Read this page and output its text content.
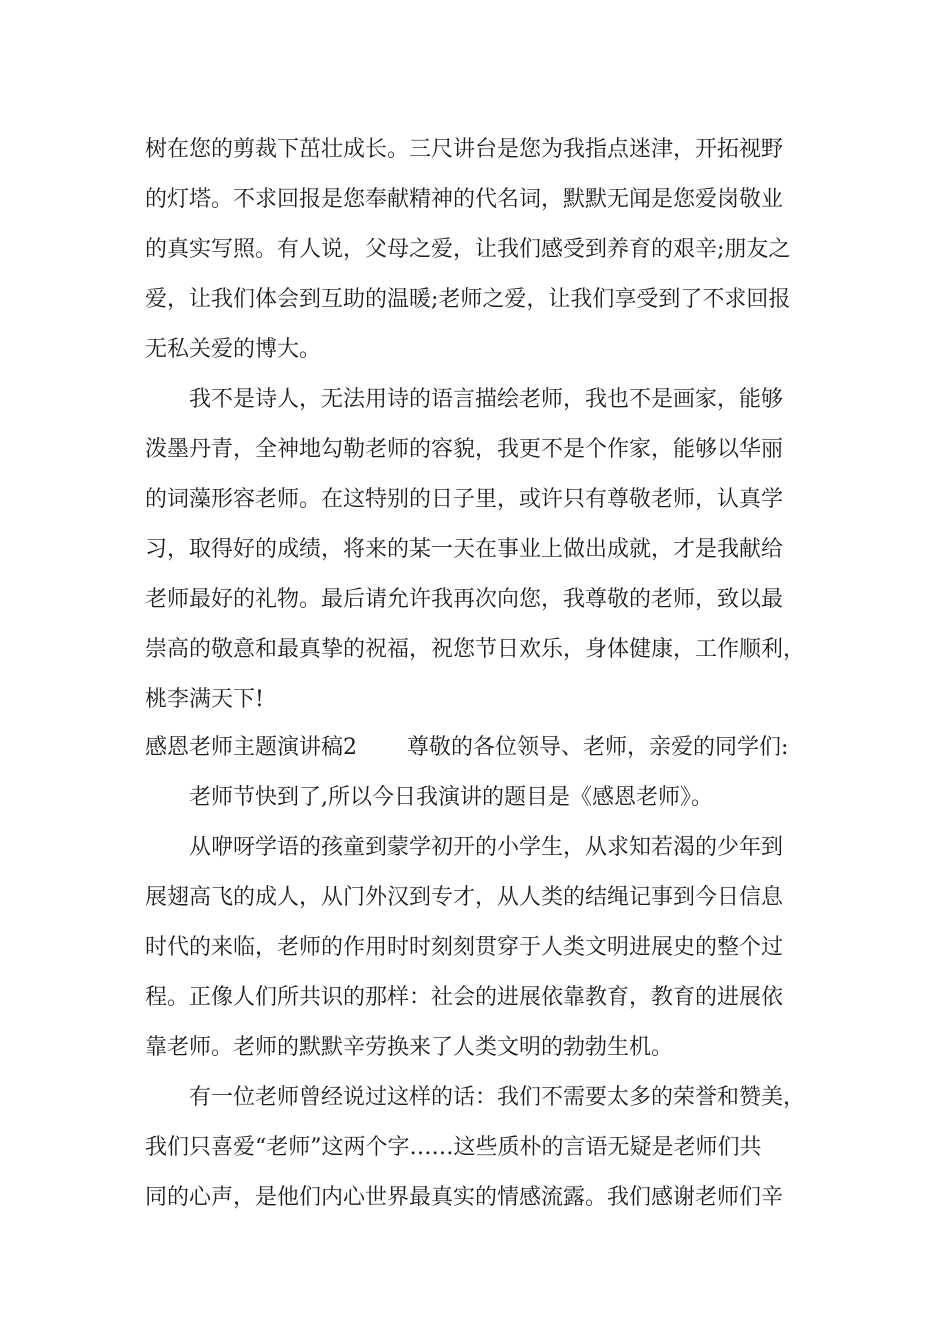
树在您的剪裁下茁壮成长。三尺讲台是您为我指点迷津，开拓视野
的灯塔。不求回报是您奉献精神的代名词，默默无闻是您爱岗敬业
的真实写照。有人说，父母之爱，让我们感受到养育的艰辛;朋友之
爱，让我们体会到互助的温暖;老师之爱，让我们享受到了不求回报
无私关爱的博大。
我不是诗人，无法用诗的语言描绘老师，我也不是画家，能够
泼墨丹青，全神地勾勒老师的容貌，我更不是个作家，能够以华丽
的词藻形容老师。在这特别的日子里，或许只有尊敬老师，认真学
习，取得好的成绩，将来的某一天在事业上做出成就，才是我献给
老师最好的礼物。最后请允许我再次向您，我尊敬的老师，致以最
崇高的敬意和最真挚的祝福，祝您节日欢乐，身体健康，工作顺利，
桃李满天下!
感恩老师主题演讲稿2 尊敬的各位领导、老师，亲爱的同学们:
老师节快到了,所以今日我演讲的题目是《感恩老师》。
从咿呀学语的孩童到蒙学初开的小学生，从求知若渴的少年到
展翅高飞的成人，从门外汉到专才，从人类的结绳记事到今日信息
时代的来临，老师的作用时时刻刻贯穿于人类文明进展史的整个过
程。正像人们所共识的那样：社会的进展依靠教育，教育的进展依
靠老师。老师的默默辛劳换来了人类文明的勃勃生机。
有一位老师曾经说过这样的话：我们不需要太多的荣誉和赞美，
我们只喜爱“老师”这两个字……这些质朴的言语无疑是老师们共
同的心声，是他们内心世界最真实的情感流露。我们感谢老师们辛
